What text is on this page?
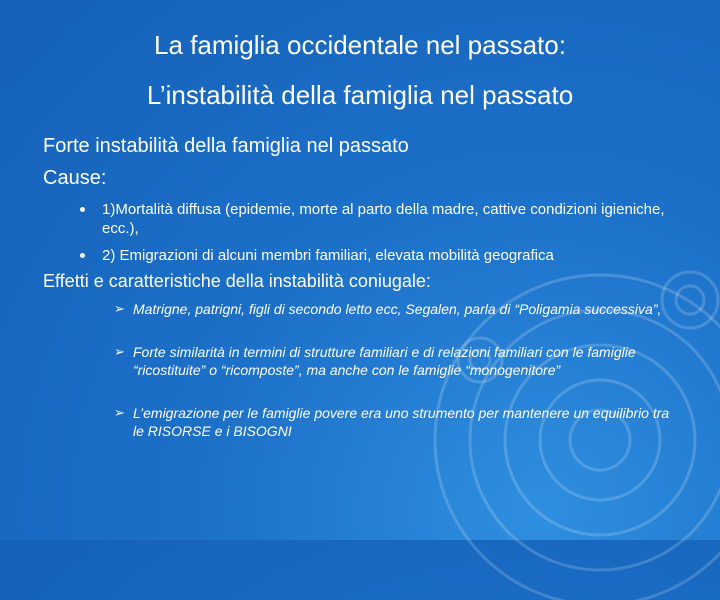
La famiglia occidentale nel passato:
L’instabilità della famiglia nel passato
Forte instabilità della famiglia nel passato
Cause:
1)Mortalità diffusa (epidemie, morte al parto della madre, cattive condizioni igieniche, ecc.),
2) Emigrazioni di alcuni membri familiari, elevata mobilità geografica
Effetti e caratteristiche della instabilità coniugale:
➢ Matrigne, patrigni, figli di secondo letto ecc, Segalen, parla di “Poligamia successiva”,
➢ Forte similarità in termini di strutture familiari e di relazioni familiari con le famiglie “ricostituite” o “ricomposte”, ma anche con le famiglie “monogenitore”
➢ L’emigrazione per le famiglie povere era uno strumento per mantenere un equilibrio tra le RISORSE e i BISOGNI
